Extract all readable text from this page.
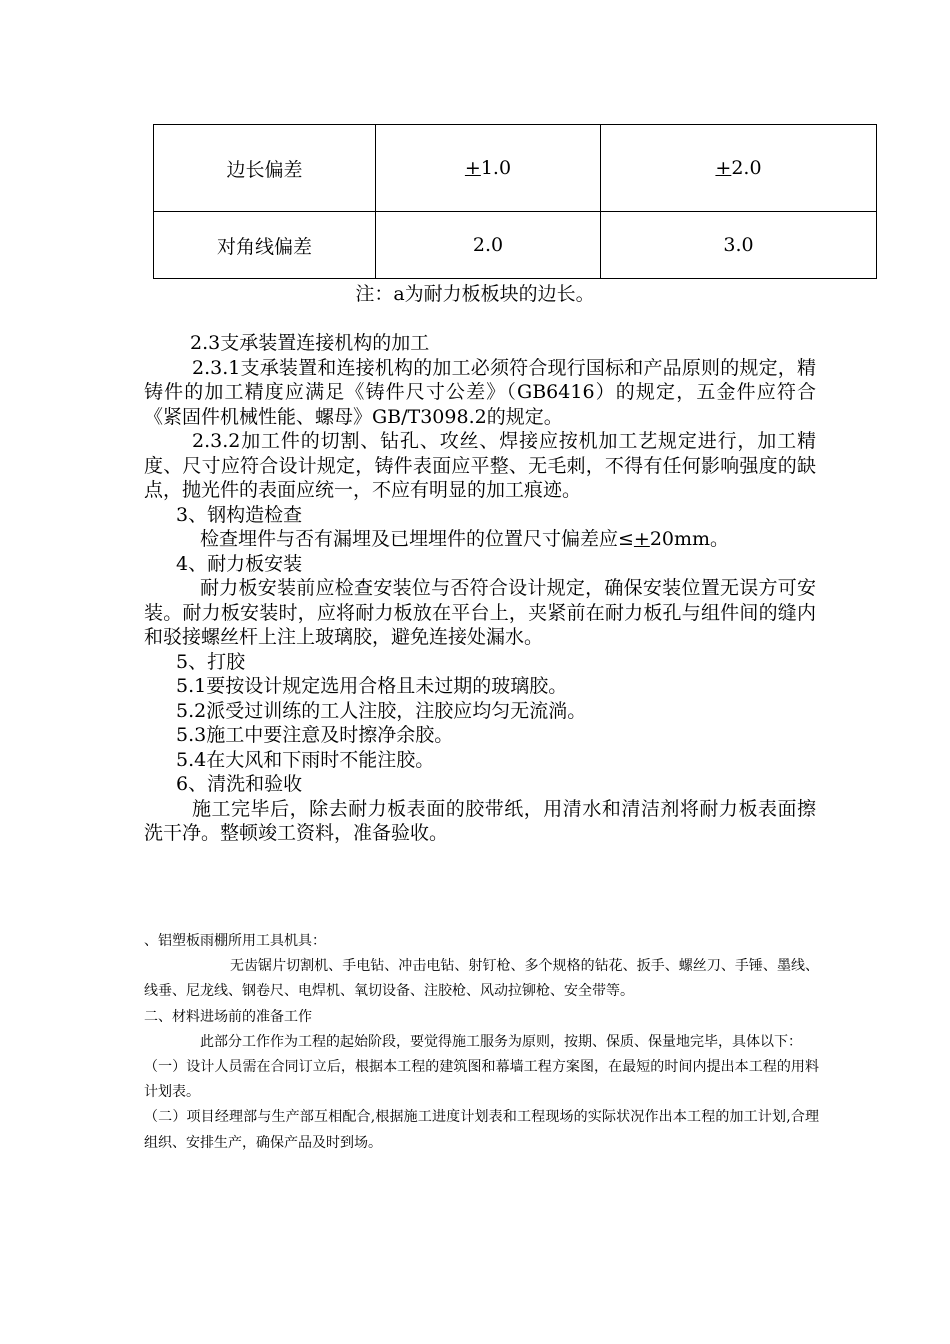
边长偏差	+1.0	+2.0
对角线偏差	2.0	3.0

注：a为耐力板板块的边长。

2.3支承装置连接机构的加工

2.3.1支承装置和连接机构的加工必须符合现行国标和产品原则的规定，精铸件的加工精度应满足《铸件尺寸公差》（GB6416）的规定，五金件应符合《紧固件机械性能、螺母》GB/T3098.2的规定。

2.3.2加工件的切割、钻孔、攻丝、焊接应按机加工艺规定进行，加工精度、尺寸应符合设计规定，铸件表面应平整、无毛刺，不得有任何影响强度的缺点，抛光件的表面应统一，不应有明显的加工痕迹。

3、钢构造检查

检查埋件与否有漏埋及已埋埋件的位置尺寸偏差应≤+20mm。

4、耐力板安装

耐力板安装前应检查安装位与否符合设计规定，确保安装位置无误方可安装。耐力板安装时，应将耐力板放在平台上，夹紧前在耐力板孔与组件间的缝内和驳接螺丝杆上注上玻璃胶，避免连接处漏水。

5、打胶

5.1要按设计规定选用合格且未过期的玻璃胶。

5.2派受过训练的工人注胶，注胶应均匀无流淌。

5.3施工中要注意及时擦净余胶。

5.4在大风和下雨时不能注胶。

6、清洗和验收

施工完毕后，除去耐力板表面的胶带纸，用清水和清洁剂将耐力板表面擦洗干净。整顿竣工资料，准备验收。

、铝塑板雨棚所用工具机具：

无齿锯片切割机、手电钻、冲击电钻、射钉枪、多个规格的钻花、扳手、螺丝刀、手锤、墨线、线垂、尼龙线、钢卷尺、电焊机、氧切设备、注胶枪、风动拉铆枪、安全带等。

二、材料进场前的准备工作

此部分工作作为工程的起始阶段，要觉得施工服务为原则，按期、保质、保量地完毕，具体以下：

（一）设计人员需在合同订立后，根据本工程的建筑图和幕墙工程方案图，在最短的时间内提出本工程的用料计划表。

（二）项目经理部与生产部互相配合,根据施工进度计划表和工程现场的实际状况作出本工程的加工计划,合理组织、安排生产，确保产品及时到场。
